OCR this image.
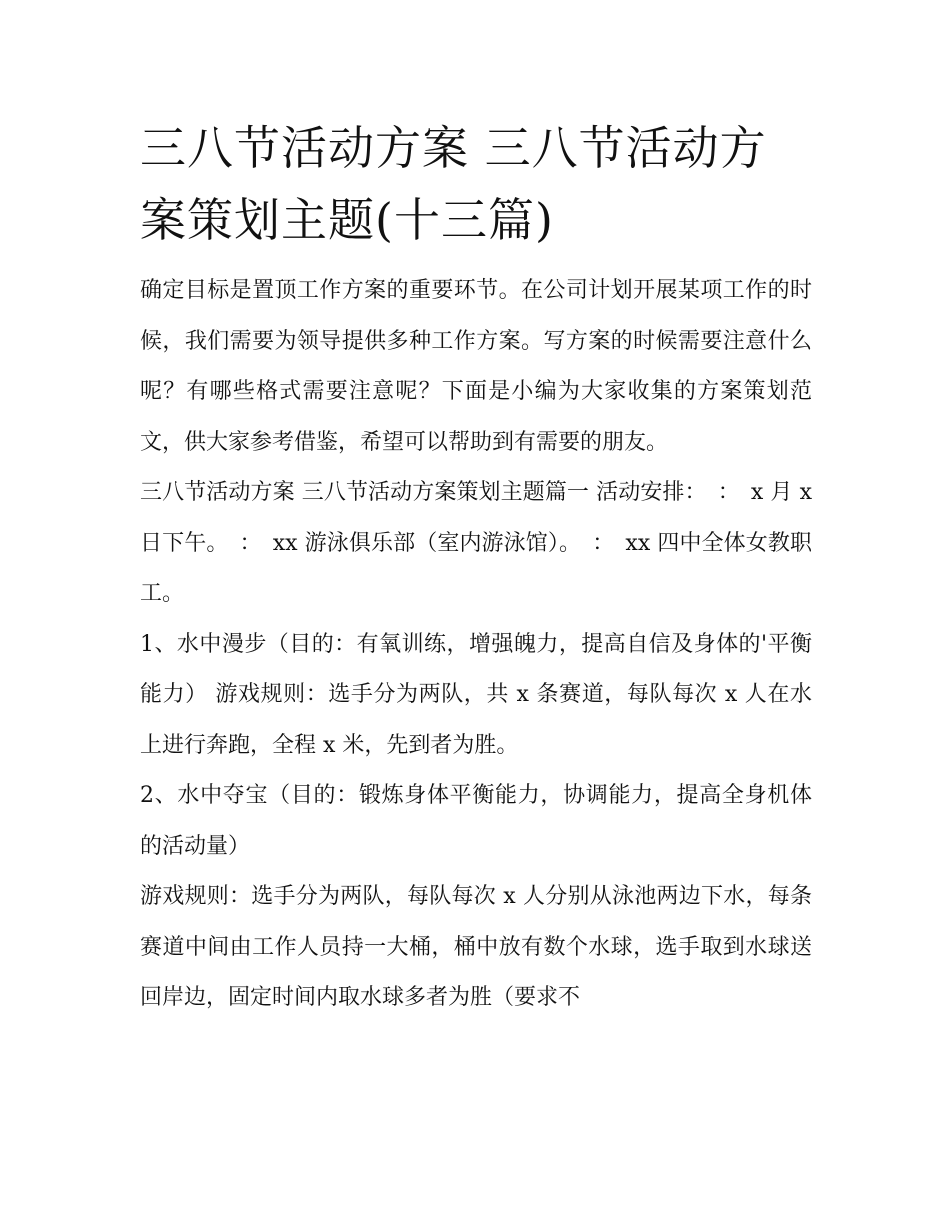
三八节活动方案 三八节活动方案策划主题(十三篇)

确定目标是置顶工作方案的重要环节。在公司计划开展某项工作的时候，我们需要为领导提供多种工作方案。写方案的时候需要注意什么呢？有哪些格式需要注意呢？下面是小编为大家收集的方案策划范文，供大家参考借鉴，希望可以帮助到有需要的朋友。

三八节活动方案 三八节活动方案策划主题篇一 活动安排：　：　x 月 x 日下午。　：　xx 游泳俱乐部（室内游泳馆）。　：　xx 四中全体女教职工。

1、水中漫步（目的：有氧训练，增强魄力，提高自信及身体的'平衡能力） 游戏规则：选手分为两队，共 x 条赛道，每队每次 x 人在水上进行奔跑，全程 x 米，先到者为胜。

2、水中夺宝（目的：锻炼身体平衡能力，协调能力，提高全身机体的活动量）

游戏规则：选手分为两队，每队每次 x 人分别从泳池两边下水，每条赛道中间由工作人员持一大桶，桶中放有数个水球，选手取到水球送回岸边，固定时间内取水球多者为胜（要求不
